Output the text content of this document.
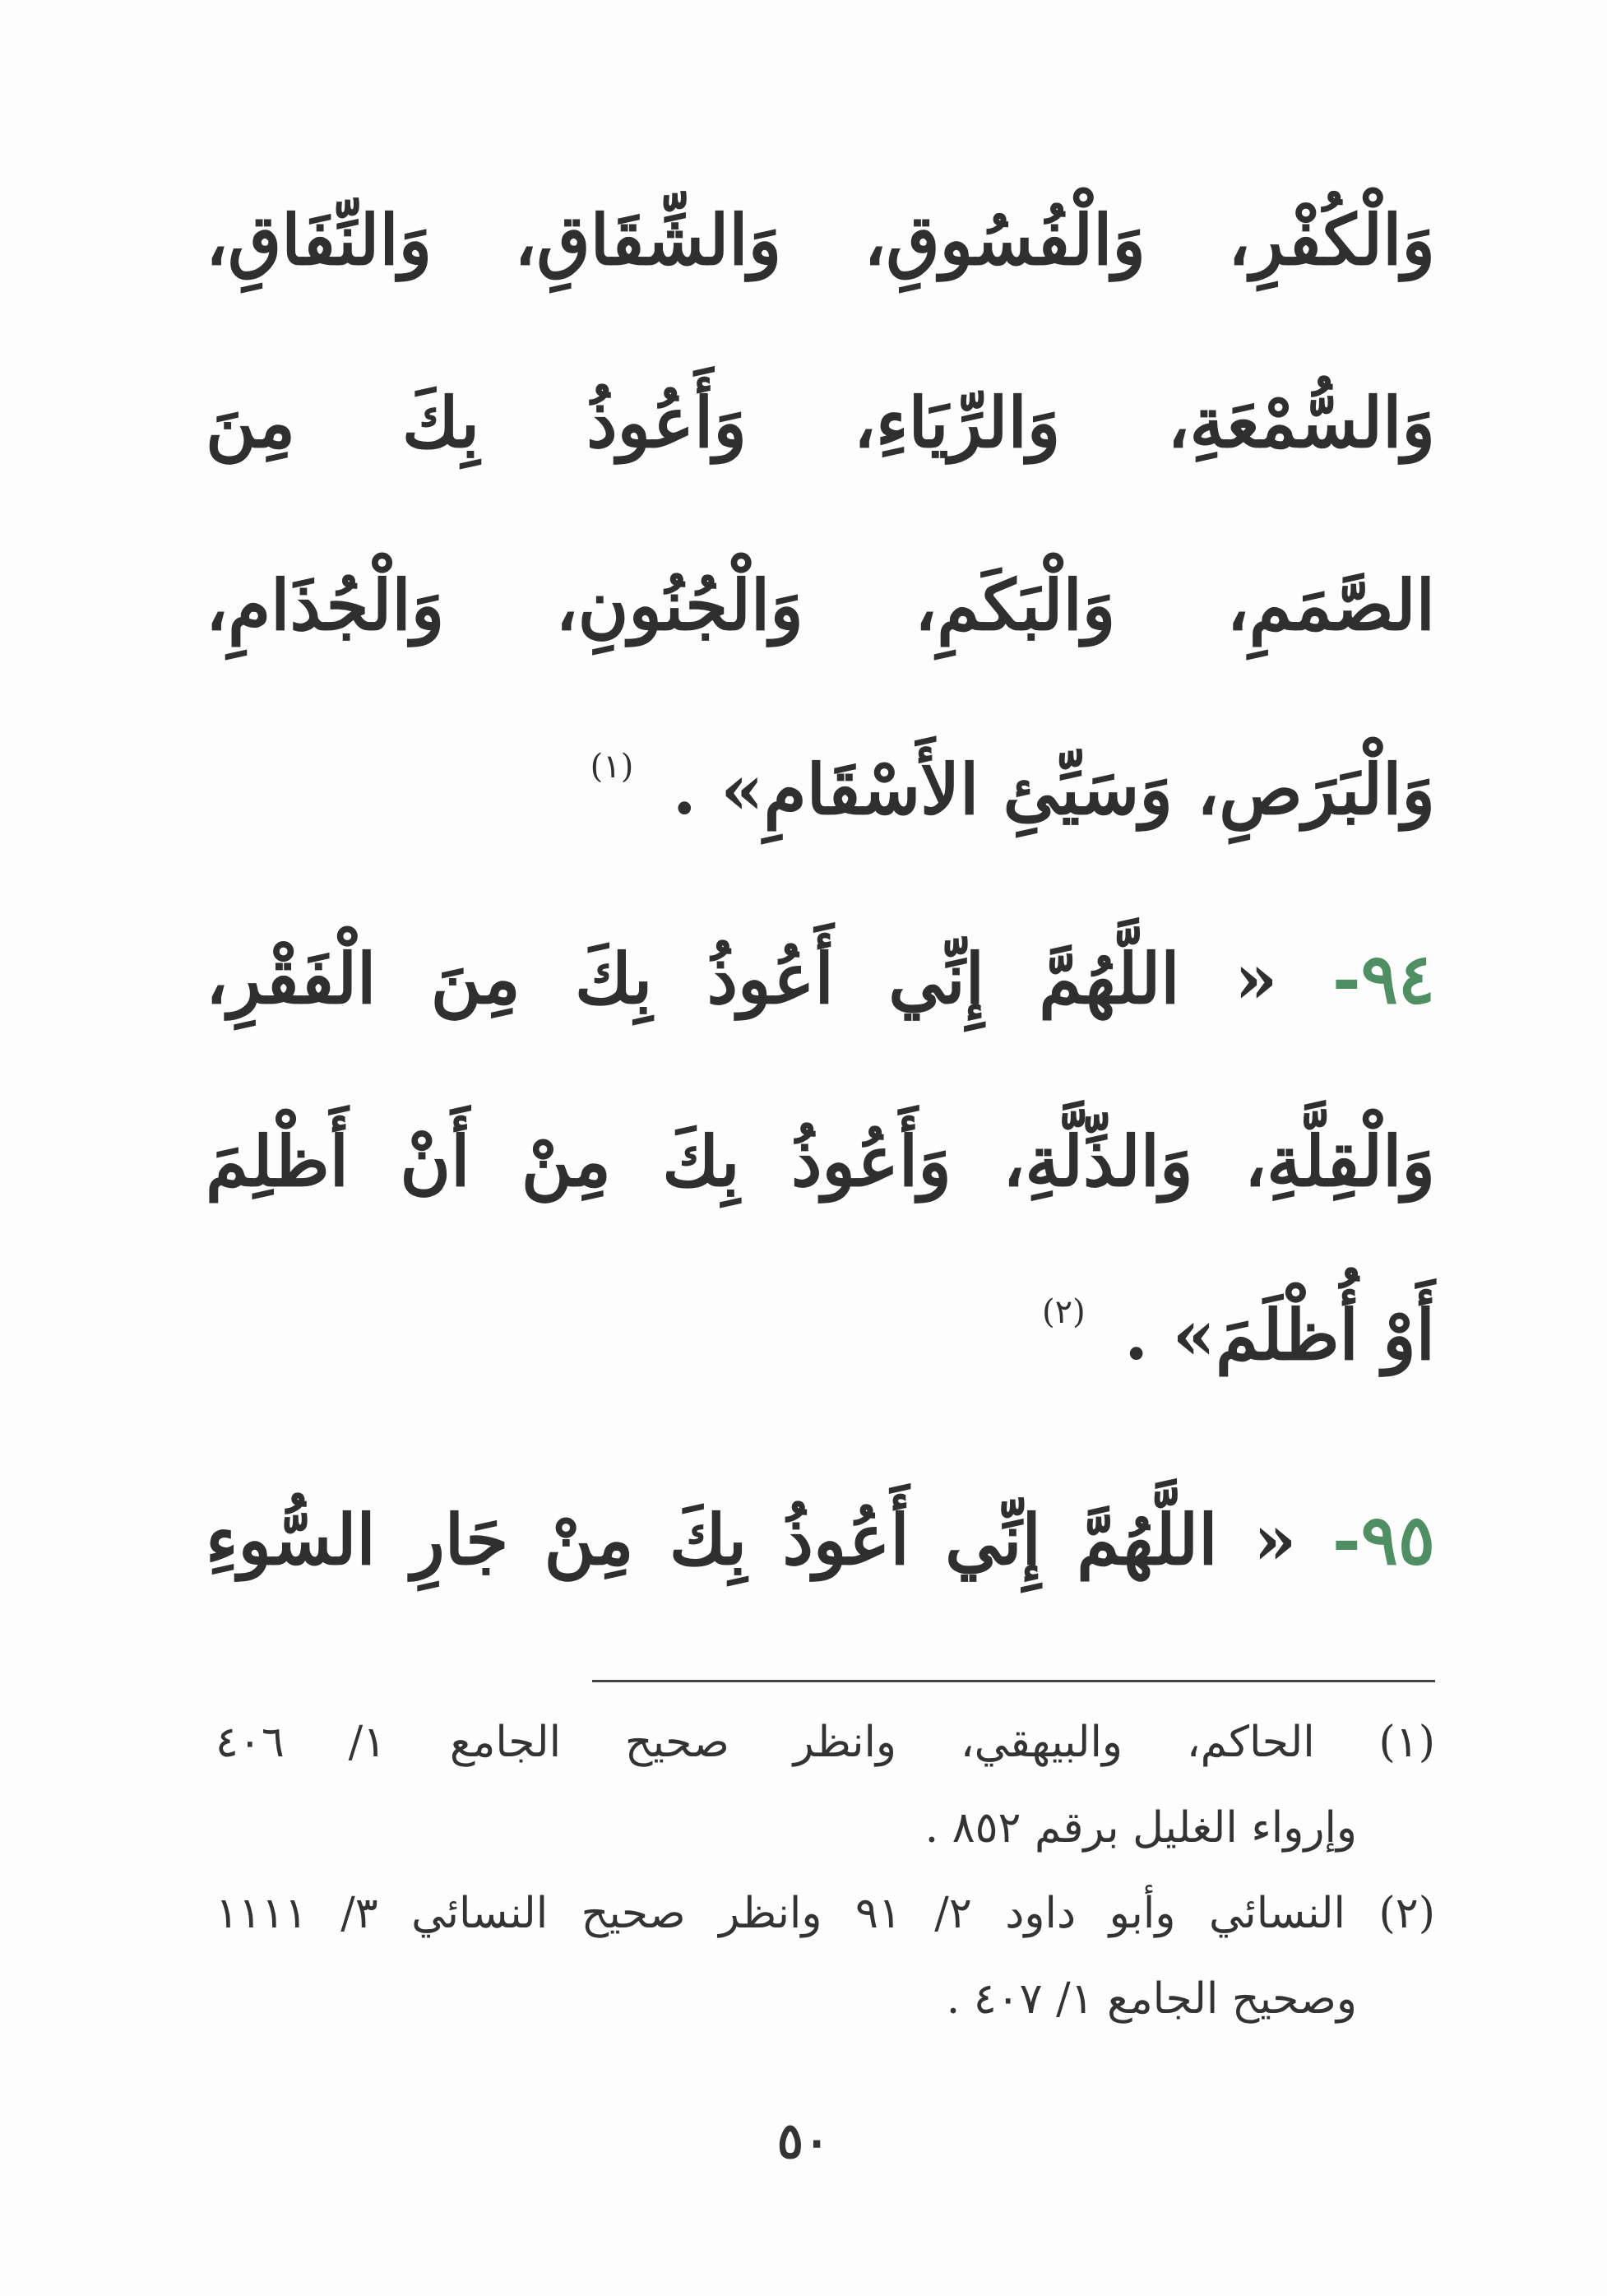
وَالْكُفْرِ، وَالْفُسُوقِ، وَالشِّقَاقِ، وَالنِّفَاقِ،
وَالسُّمْعَةِ، وَالرِّيَاءِ، وَأَعُوذُ بِكَ مِنَ
الصَّمَمِ، وَالْبَكَمِ، وَالْجُنُونِ، وَالْجُذَامِ،
وَالْبَرَصِ، وَسَيِّئِ الأَسْقَامِ» . $^{(١)}$
٩٤- « اللَّهُمَّ إِنِّي أَعُوذُ بِكَ مِنَ الْفَقْرِ،
وَالْقِلَّةِ، وَالذِّلَّةِ، وَأَعُوذُ بِكَ مِنْ أَنْ أَظْلِمَ
أَوْ أُظْلَمَ» . $^{(٢)}$
٩٥- « اللَّهُمَّ إِنِّي أَعُوذُ بِكَ مِنْ جَارِ السُّوءِ
(١) الحاكم، والبيهقي، وانظر صحيح الجامع ١/ ٤٠٦
وإرواء الغليل برقم ٨٥٢ .
(٢) النسائي وأبو داود ٢/ ٩١ وانظر صحيح النسائي ٣/ ١١١١
وصحيح الجامع ١/ ٤٠٧ .
٥٠
